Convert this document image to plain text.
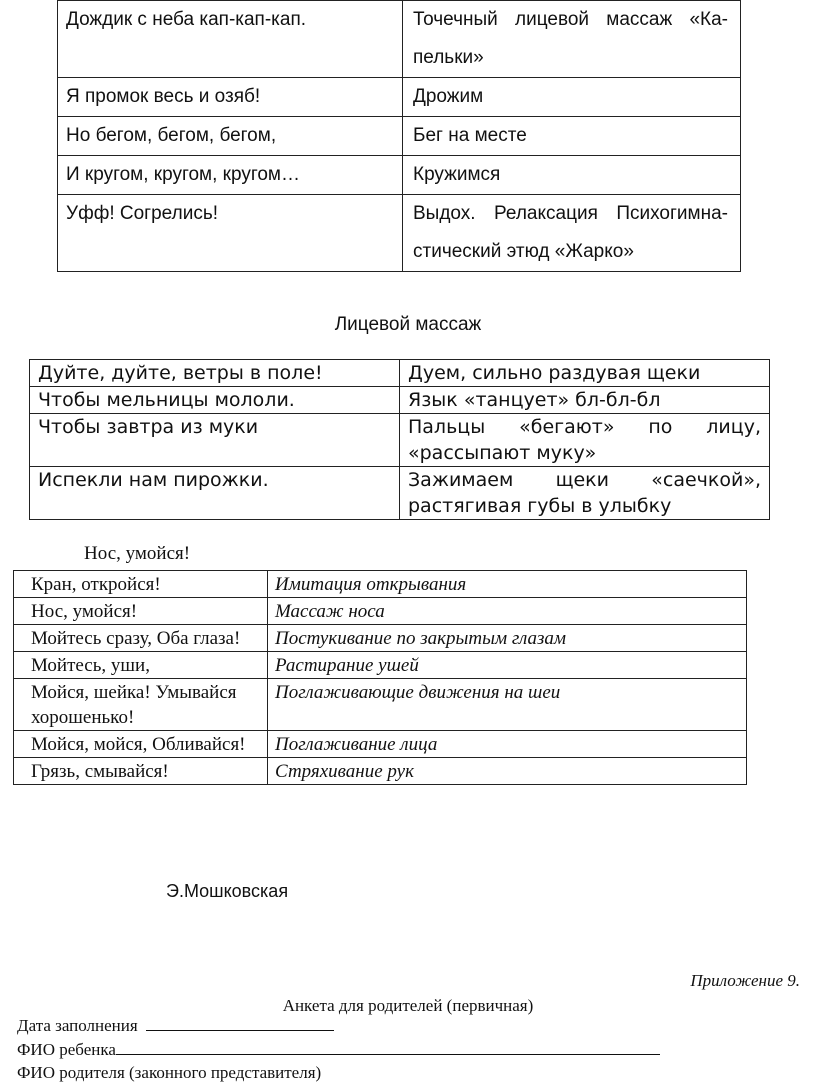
Дождик с неба кап-кап-кап.	Точечный лицевой массаж «Ка-пельки»
Я промок весь и озяб!	Дрожим
Но бегом, бегом, бегом,	Бег на месте
И кругом, кругом, кругом…	Кружимся
Уфф! Согрелись!	Выдох. Релаксация Психогимна-стический этюд «Жарко»
Лицевой массаж
Дуйте, дуйте, ветры в поле!	Дуем, сильно раздувая щеки
Чтобы мельницы мололи.	Язык «танцует» бл-бл-бл
Чтобы завтра из муки	Пальцы «бегают» по лицу, «рассыпают муку»
Испекли нам пирожки.	Зажимаем щеки «саечкой», растягивая губы в улыбку
Нос, умойся!
Кран, откройся!	Имитация открывания
Нос, умойся!	Массаж носа
Мойтесь сразу, Оба глаза!	Постукивание по закрытым глазам
Мойтесь, уши,	Растирание ушей
Мойся, шейка! Умывайся хорошенько!	Поглаживающие движения на шеи
Мойся, мойся, Обливайся!	Поглаживание лица
Грязь, смывайся!	Стряхивание рук
Э.Мошковская
Приложение 9.
Анкета для родителей (первичная)
Дата заполнения
ФИО ребенка
ФИО родителя (законного представителя)
